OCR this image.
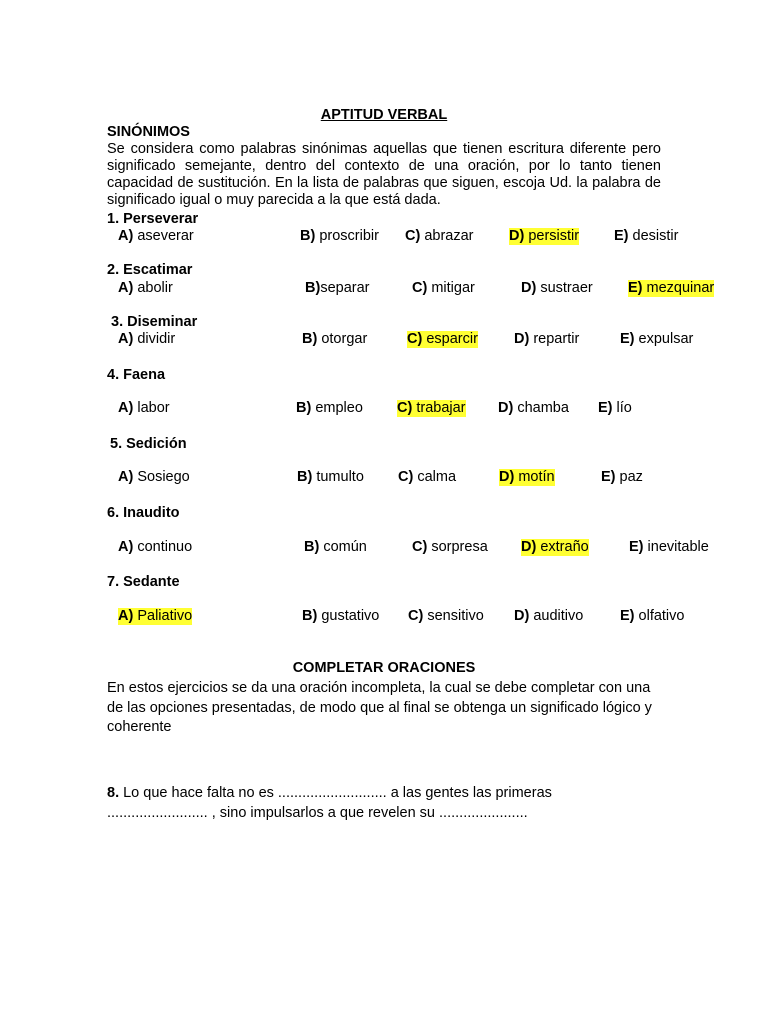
APTITUD VERBAL
SINÓNIMOS
Se considera como palabras sinónimas aquellas que tienen escritura diferente pero significado semejante, dentro del contexto de una oración, por lo tanto tienen capacidad de sustitución. En la lista de palabras que siguen, escoja Ud. la palabra de significado igual o muy parecida a la que está dada.
1. Perseverar
A) aseverar	B) proscribir C) abrazar D) persistir E) desistir
2. Escatimar
A) abolir	B)separar	C) mitigar	D) sustraer E) mezquinar
3. Diseminar
A) dividir	B) otorgar	C) esparcir D) repartir	E) expulsar
4. Faena
A) labor	B) empleo C) trabajar D) chamba E) lío
5. Sedición
A) Sosiego	B) tumulto C) calma	D) motín	E) paz
6. Inaudito
A) continuo	B) común	C) sorpresa D) extraño	E) inevitable
7. Sedante
A) Paliativo	B) gustativo C) sensitivo D) auditivo	E) olfativo
COMPLETAR ORACIONES
En estos ejercicios se da una oración incompleta, la cual se debe completar con una de las opciones presentadas, de modo que al final se obtenga un significado lógico y coherente
8. Lo que hace falta no es ........................... a las gentes las primeras
......................... , sino impulsarlos a que revelen su ......................
